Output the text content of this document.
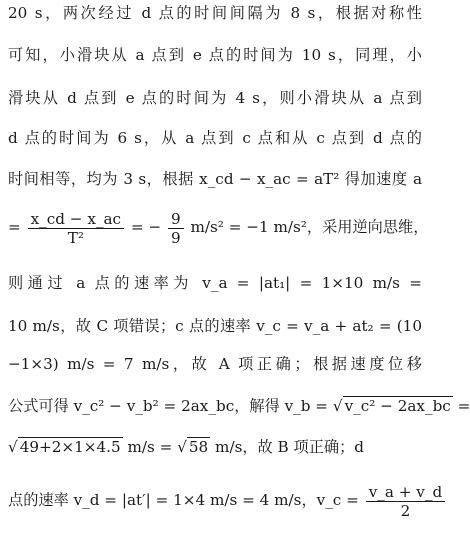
20 s，两次经过 d 点的时间间隔为 8 s，根据对称性
可知，小滑块从 a 点到 e 点的时间为 10 s，同理，小
滑块从 d 点到 e 点的时间为 4 s，则小滑块从 a 点到
d 点的时间为 6 s，从 a 点到 c 点和从 c 点到 d 点的
时间相等，均为 3 s，根据 x_cd − x_ac = aT² 得加速度 a
= $\frac{x\_cd - x\_ac}{\text{T²}}$ = − $\frac{9}{9} m/s^2 = -1$ m/s²，采用逆向思维，
则通过 a 点的速率为 v_a = |at₁| = 1×10 m/s =
10 m/s，故 C 项错误；c 点的速率 v_c = v_a + at₂ = (10
−1×3) m/s = 7 m/s，故 A 项正确；根据速度位移
公式可得 v_c² − v_b² = 2ax_bc，解得 v_b = √ v_c² − 2ax_bc =
√ 49+2×1×4.5 m/s = √ 58 m/s，故 B 项正确；d
点的速率 v_d = |at′| = 1×4 m/s = 4 m/s，v_c = $\frac{v\_a + v\_d}{2}$
